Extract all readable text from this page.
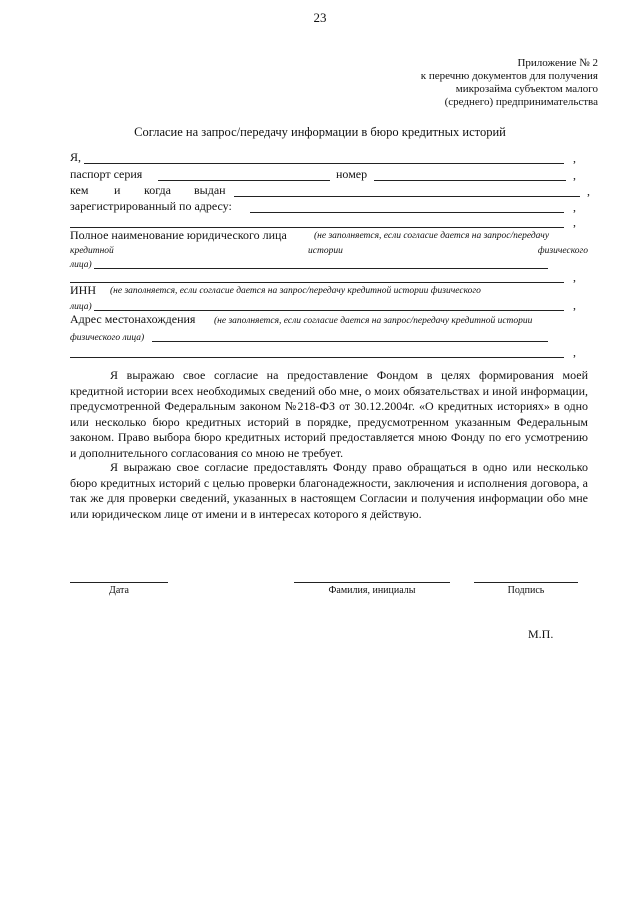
23
Приложение № 2
к перечню документов для получения
микрозайма субъектом малого
(среднего) предпринимательства
Согласие на запрос/передачу информации в бюро кредитных историй
Я,	,
паспорт серия	номер	,
кем и когда выдан	,
зарегистрированный по адресу:	,
,
Полное наименование юридического лица	(не заполняется, если согласие дается на запрос/передачу
кредитной	истории	физического
лица)
,
ИНН (не заполняется, если согласие дается на запрос/передачу кредитной истории физического
лица)	,
Адрес местонахождения (не заполняется, если согласие дается на запрос/передачу кредитной истории
физического лица)
,

Я выражаю свое согласие на предоставление Фондом в целях формирования моей кредитной истории всех необходимых сведений обо мне, о моих обязательствах и иной информации, предусмотренной Федеральным законом №218-ФЗ от 30.12.2004г. «О кредитных историях» в одно или несколько бюро кредитных историй в порядке, предусмотренном указанным Федеральным законом. Право выбора бюро кредитных историй предоставляется мною Фонду по его усмотрению и дополнительного согласования со мною не требует.

Я выражаю свое согласие предоставлять Фонду право обращаться в одно или несколько бюро кредитных историй с целью проверки благонадежности, заключения и исполнения договора, а так же для проверки сведений, указанных в настоящем Согласии и получения информации обо мне или юридическом лице от имени и в интересах которого я действую.

Дата	Фамилия, инициалы	Подпись
М.П.
